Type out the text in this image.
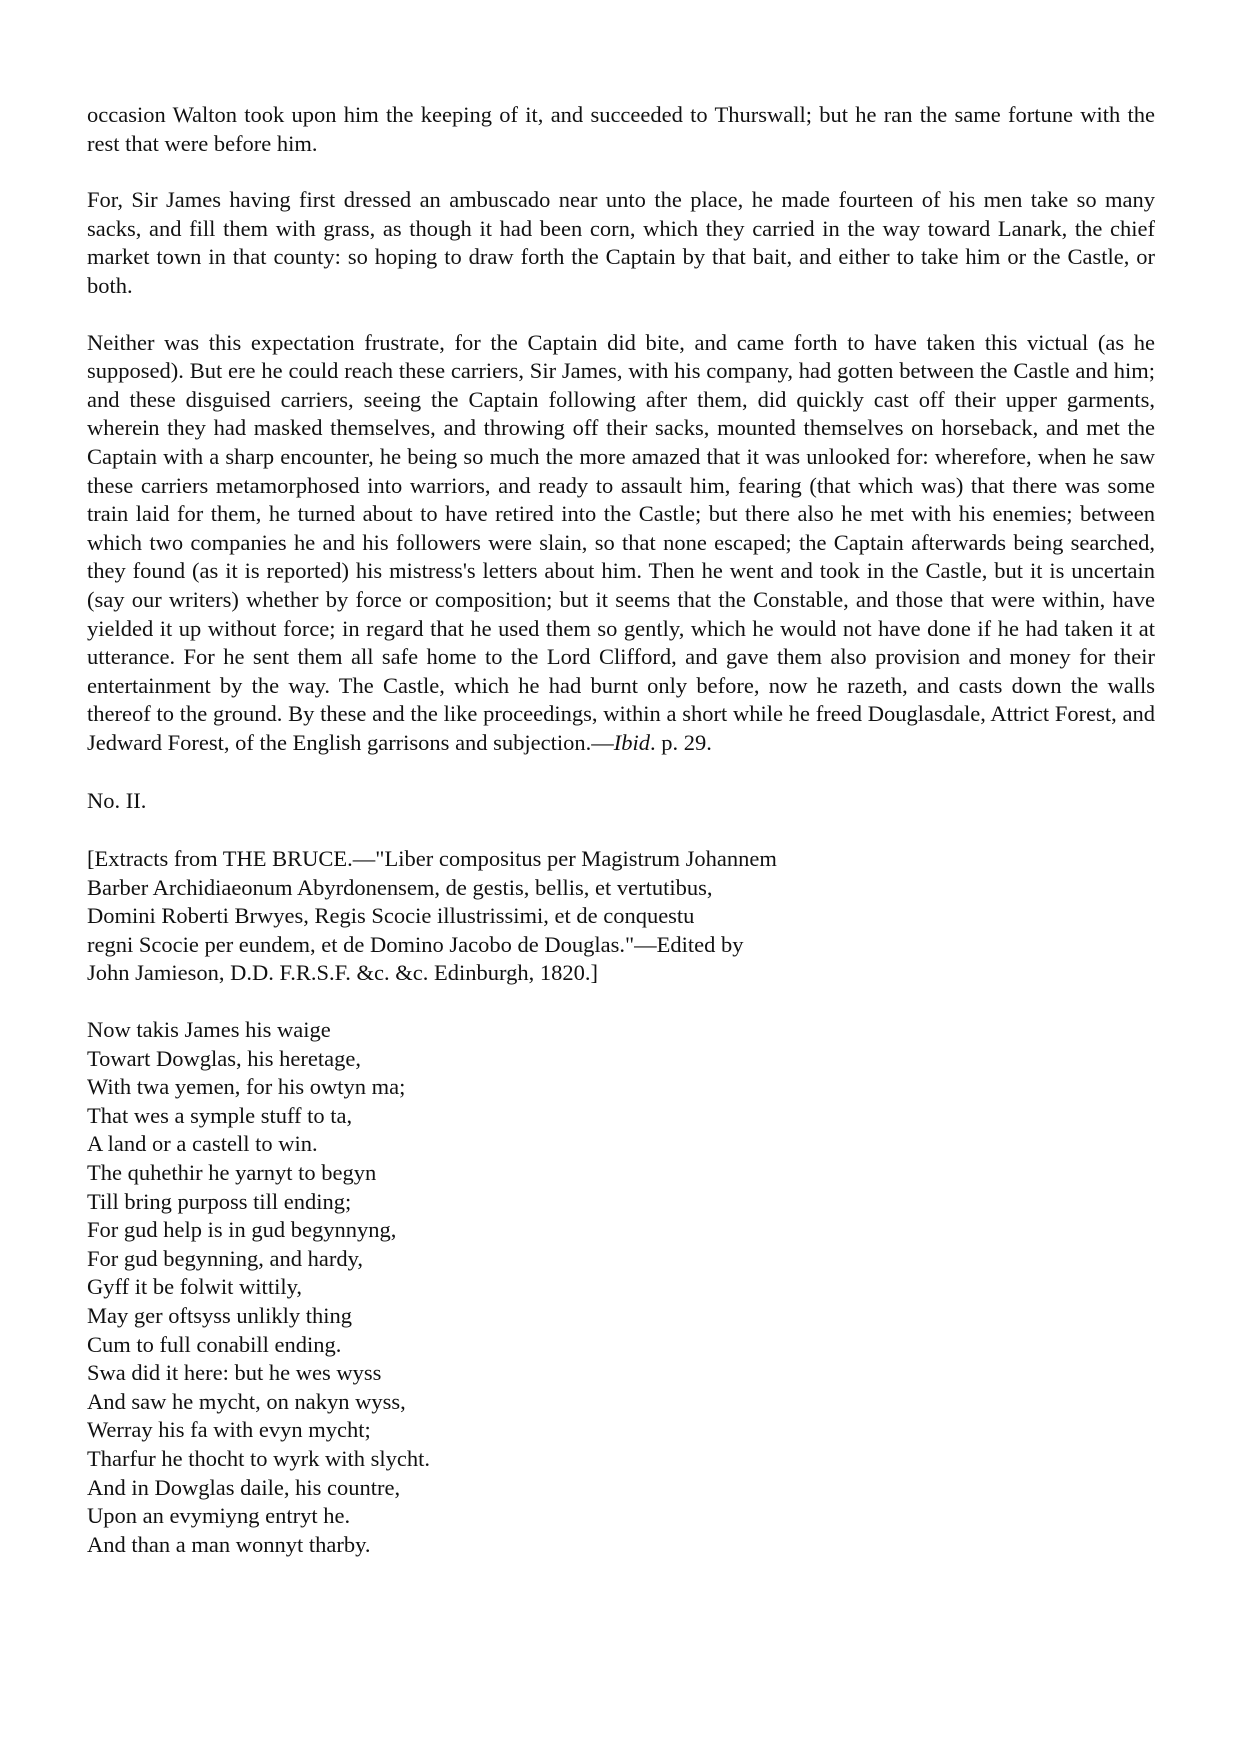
occasion Walton took upon him the keeping of it, and succeeded to Thurswall; but he ran the same fortune with the rest that were before him.

For, Sir James having first dressed an ambuscado near unto the place, he made fourteen of his men take so many sacks, and fill them with grass, as though it had been corn, which they carried in the way toward Lanark, the chief market town in that county: so hoping to draw forth the Captain by that bait, and either to take him or the Castle, or both.

Neither was this expectation frustrate, for the Captain did bite, and came forth to have taken this victual (as he supposed). But ere he could reach these carriers, Sir James, with his company, had gotten between the Castle and him; and these disguised carriers, seeing the Captain following after them, did quickly cast off their upper garments, wherein they had masked themselves, and throwing off their sacks, mounted themselves on horseback, and met the Captain with a sharp encounter, he being so much the more amazed that it was unlooked for: wherefore, when he saw these carriers metamorphosed into warriors, and ready to assault him, fearing (that which was) that there was some train laid for them, he turned about to have retired into the Castle; but there also he met with his enemies; between which two companies he and his followers were slain, so that none escaped; the Captain afterwards being searched, they found (as it is reported) his mistress's letters about him. Then he went and took in the Castle, but it is uncertain (say our writers) whether by force or composition; but it seems that the Constable, and those that were within, have yielded it up without force; in regard that he used them so gently, which he would not have done if he had taken it at utterance. For he sent them all safe home to the Lord Clifford, and gave them also provision and money for their entertainment by the way. The Castle, which he had burnt only before, now he razeth, and casts down the walls thereof to the ground. By these and the like proceedings, within a short while he freed Douglasdale, Attrict Forest, and Jedward Forest, of the English garrisons and subjection.—Ibid. p. 29.

No. II.

[Extracts from THE BRUCE.—"Liber compositus per Magistrum Johannem
Barber Archidiaeonum Abyrdonensem, de gestis, bellis, et vertutibus,
Domini Roberti Brwyes, Regis Scocie illustrissimi, et de conquestu
regni Scocie per eundem, et de Domino Jacobo de Douglas."—Edited by
John Jamieson, D.D. F.R.S.F. &c. &c. Edinburgh, 1820.]

Now takis James his waige
Towart Dowglas, his heretage,
With twa yemen, for his owtyn ma;
That wes a symple stuff to ta,
A land or a castell to win.
The quhethir he yarnyt to begyn
Till bring purposs till ending;
For gud help is in gud begynnyng,
For gud begynning, and hardy,
Gyff it be folwit wittily,
May ger oftsyss unlikly thing
Cum to full conabill ending.
Swa did it here: but he wes wyss
And saw he mycht, on nakyn wyss,
Werray his fa with evyn mycht;
Tharfur he thocht to wyrk with slycht.
And in Dowglas daile, his countre,
Upon an evymiyng entryt he.
And than a man wonnyt tharby.
